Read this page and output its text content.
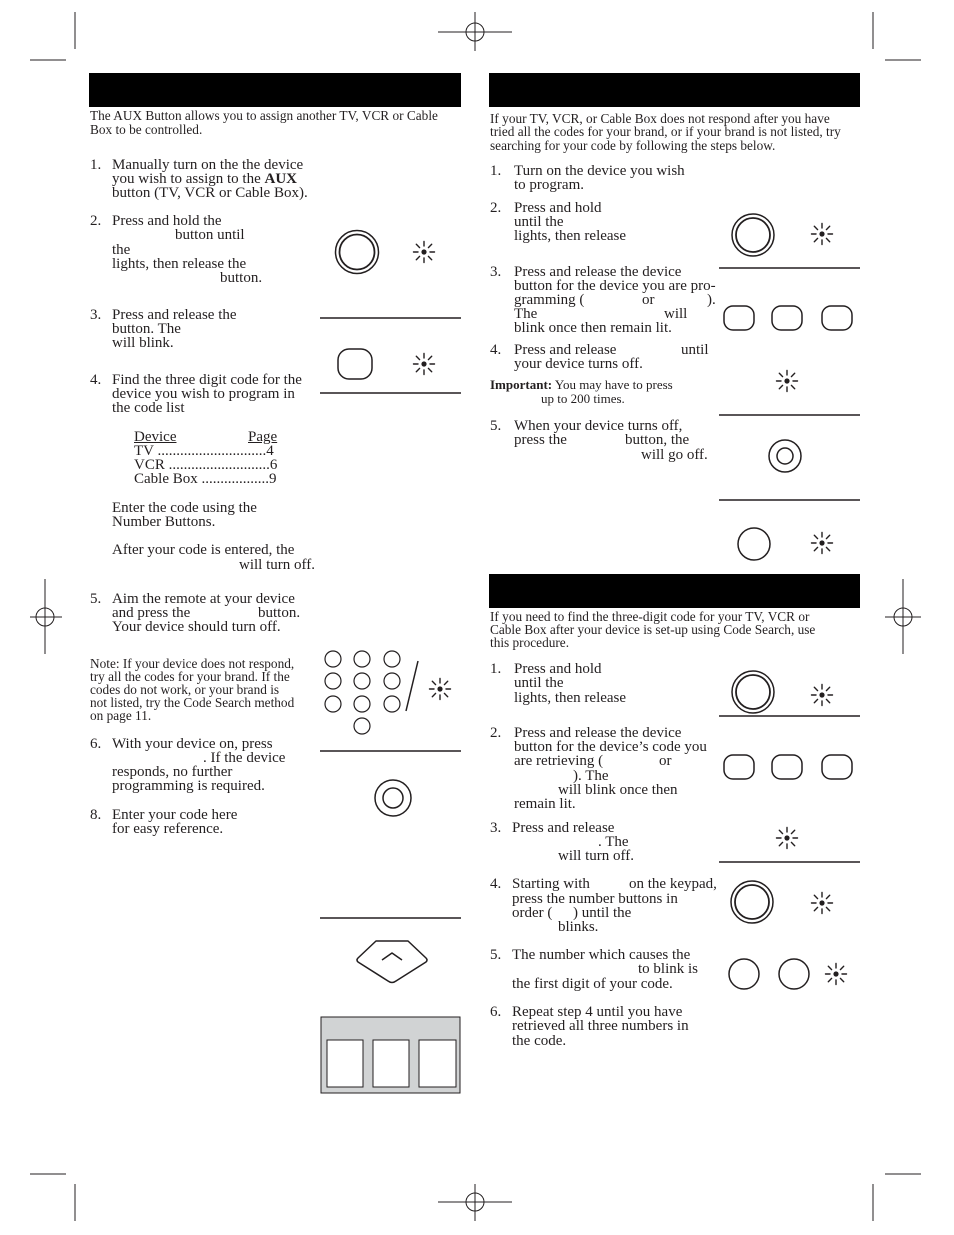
The AUX Button allows you to assign another TV, VCR or Cable
Box to be controlled.
1. Manually turn on the the device
you wish to assign to the AUX
button (TV, VCR or Cable Box).
2. Press and hold the
button until
the
lights, then release the
button.
3. Press and release the
button. The
will blink.
4. Find the three digit code for the
device you wish to program in
the code list
Device	Page
TV .............................4
VCR ...........................6
Cable Box ..................9
Enter the code using the
Number Buttons.
After your code is entered, the
will turn off.
5. Aim the remote at your device
and press the	button.
Your device should turn off.
Note: If your device does not respond,
try all the codes for your brand. If the
codes do not work, or your brand is
not listed, try the Code Search method
on page 11.
6. With your device on, press
. If the device
responds, no further
programming is required.
8. Enter your code here
for easy reference.
If your TV, VCR, or Cable Box does not respond after you have
tried all the codes for your brand, or if your brand is not listed, try
searching for your code by following the steps below.
1. Turn on the device you wish
to program.
2. Press and hold
until the
lights, then release
3. Press and release the device
button for the device you are pro-
gramming (	or	).
The	will
blink once then remain lit.
4. Press and release	until
your device turns off.
Important: You may have to press
up to 200 times.
5. When your device turns off,
press the	button, the
will go off.
If you need to find the three-digit code for your TV, VCR or
Cable Box after your device is set-up using Code Search, use
this procedure.
1. Press and hold
until the
lights, then release
2. Press and release the device
button for the device’s code you
are retrieving (	or
). The
will blink once then
remain lit.
3. Press and release
. The
will turn off.
4. Starting with	on the keypad,
press the number buttons in
order ( ) until the
blinks.
5. The number which causes the
to blink is
the first digit of your code.
6. Repeat step 4 until you have
retrieved all three numbers in
the code.
